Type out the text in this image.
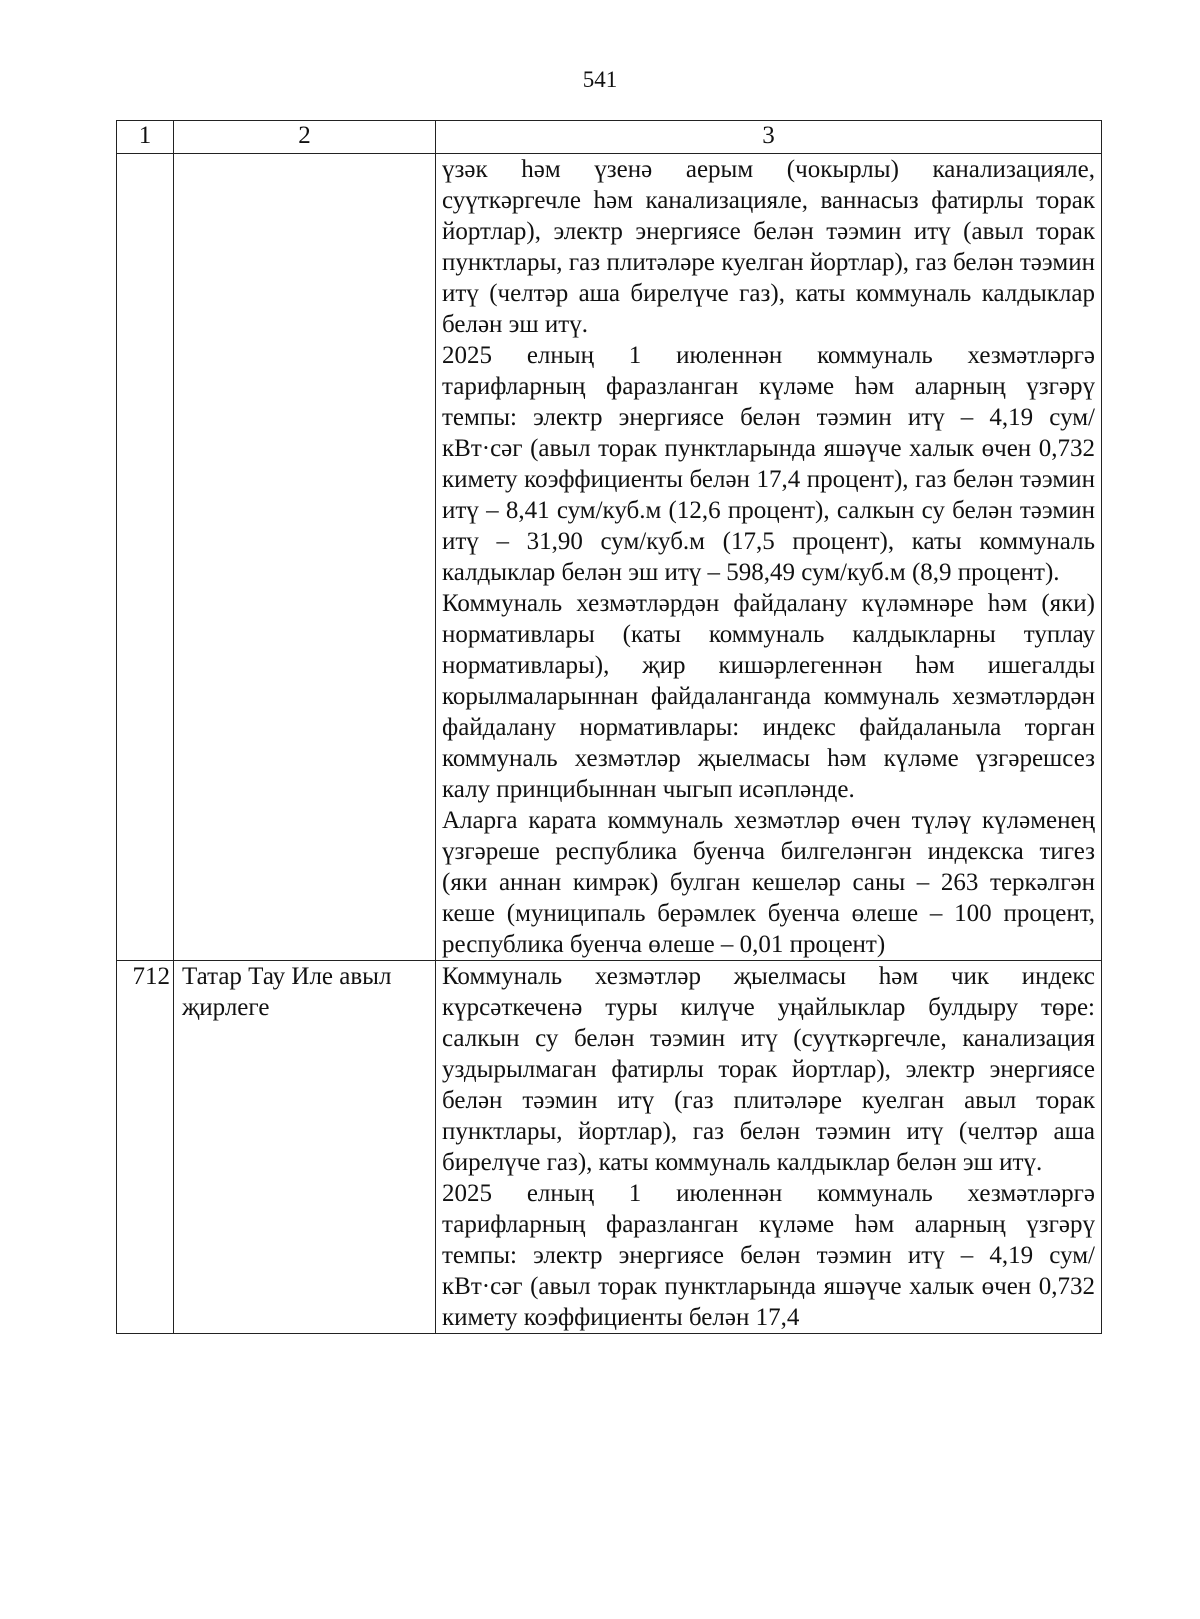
541
1	2	3

		үзәк һәм үзенә аерым (чокырлы) канализацияле, суүткәргечле һәм канализацияле, ваннасыз фатирлы торак йортлар), электр энергиясе белән тәэмин итү (авыл торак пунктлары, газ плитәләре куелган йортлар), газ белән тәэмин итү (челтәр аша бирелүче газ), каты коммуналь калдыклар белән эш итү.

2025 елның 1 июленнән коммуналь хезмәтләргә тарифларның фаразланган күләме һәм аларның үзгәрү темпы: электр энергиясе белән тәэмин итү – 4,19 сум/кВт·сәг (авыл торак пунктларында яшәүче халык өчен 0,732 кимету коэффициенты белән 17,4 процент), газ белән тәэмин итү – 8,41 сум/куб.м (12,6 процент), салкын су белән тәэмин итү – 31,90 сум/куб.м (17,5 процент), каты коммуналь калдыклар белән эш итү – 598,49 сум/куб.м (8,9 процент).

Коммуналь хезмәтләрдән файдалану күләмнәре һәм (яки) нормативлары (каты коммуналь калдыкларны туплау нормативлары), җир кишәрлегеннән һәм ишегалды корылмаларыннан файдаланганда коммуналь хезмәтләрдән файдалану нормативлары: индекс файдаланыла торган коммуналь хезмәтләр җыелмасы һәм күләме үзгәрешсез калу принцибыннан чыгып исәпләнде.

Аларга карата коммуналь хезмәтләр өчен түләү күләменең үзгәреше республика буенча билгеләнгән индекска тигез (яки аннан кимрәк) булган кешеләр саны – 263 теркәлгән кеше (муниципаль берәмлек буенча өлеше – 100 процент, республика буенча өлеше – 0,01 процент)

712	Татар Тау Иле авыл җирлеге	Коммуналь хезмәтләр җыелмасы һәм чик индекс күрсәткеченә туры килүче уңайлыклар булдыру төре: салкын су белән тәэмин итү (суүткәргечле, канализация уздырылмаган фатирлы торак йортлар), электр энергиясе белән тәэмин итү (газ плитәләре куелган авыл торак пунктлары, йортлар), газ белән тәэмин итү (челтәр аша бирелүче газ), каты коммуналь калдыклар белән эш итү.

2025 елның 1 июленнән коммуналь хезмәтләргә тарифларның фаразланган күләме һәм аларның үзгәрү темпы: электр энергиясе белән тәэмин итү – 4,19 сум/кВт·сәг (авыл торак пунктларында яшәүче халык өчен 0,732 кимету коэффициенты белән 17,4
